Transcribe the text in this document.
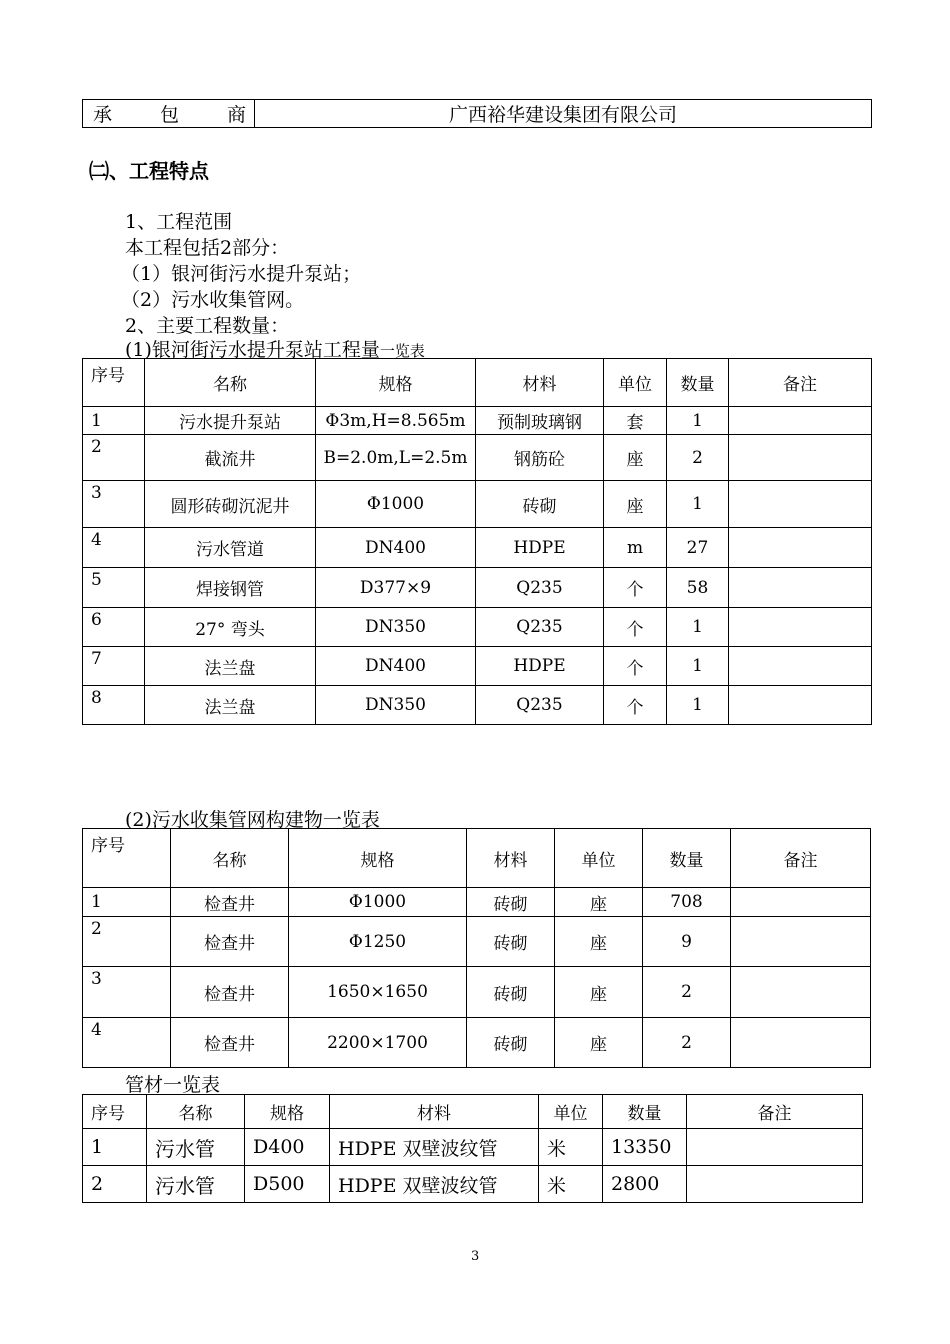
承	包	商	广西裕华建设集团有限公司
㈡、工程特点
1、工程范围
本工程包括2部分：
（1）银河街污水提升泵站；
（2）污水收集管网。
2、主要工程数量：
(1)银河街污水提升泵站工程量一览表
序号	名称	规格	材料	单位	数量	备注
1	污水提升泵站	Φ3m,H=8.565m	预制玻璃钢	套	1	
2	截流井	B=2.0m,L=2.5m	钢筋砼	座	2	
3	圆形砖砌沉泥井	Φ1000	砖砌	座	1	
4	污水管道	DN400	HDPE	m	27	
5	焊接钢管	D377×9	Q235	个	58	
6	27° 弯头	DN350	Q235	个	1	
7	法兰盘	DN400	HDPE	个	1	
8	法兰盘	DN350	Q235	个	1	
(2)污水收集管网构建物一览表
序号	名称	规格	材料	单位	数量	备注
1	检查井	Φ1000	砖砌	座	708	
2	检查井	Φ1250	砖砌	座	9	
3	检查井	1650×1650	砖砌	座	2	
4	检查井	2200×1700	砖砌	座	2	
管材一览表
序号	名称	规格	材料	单位	数量	备注
1	污水管	D400	HDPE 双壁波纹管	米	13350	
2	污水管	D500	HDPE 双壁波纹管	米	2800	
3
